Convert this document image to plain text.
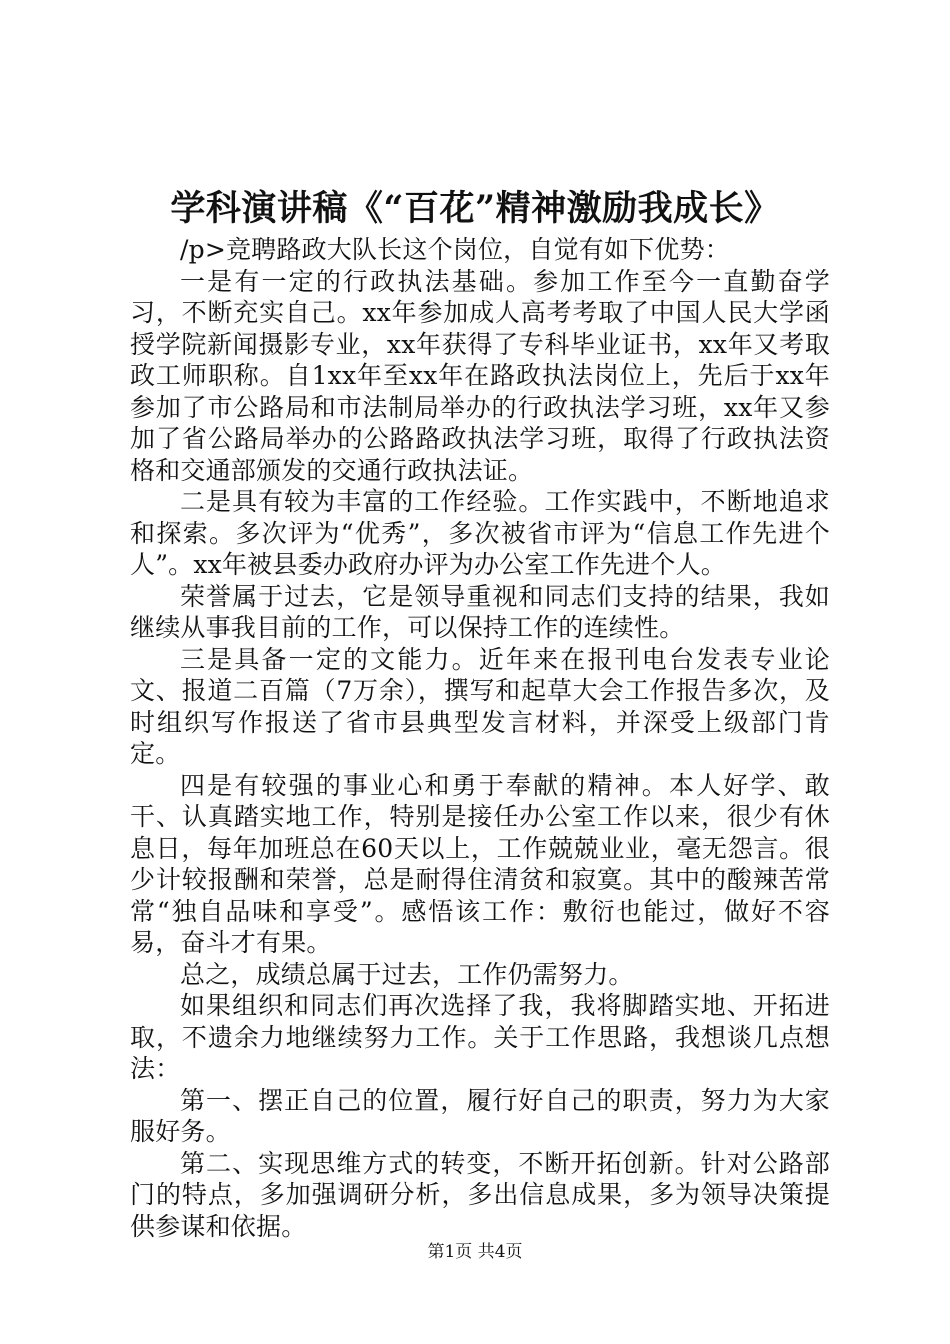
学科演讲稿《“百花”精神激励我成长》

/p>竞聘路政大队长这个岗位，自觉有如下优势：

一是有一定的行政执法基础。参加工作至今一直勤奋学习，不断充实自己。xx年参加成人高考考取了中国人民大学函授学院新闻摄影专业，xx年获得了专科毕业证书，xx年又考取政工师职称。自1xx年至xx年在路政执法岗位上，先后于xx年参加了市公路局和市法制局举办的行政执法学习班，xx年又参加了省公路局举办的公路路政执法学习班，取得了行政执法资格和交通部颁发的交通行政执法证。

二是具有较为丰富的工作经验。工作实践中，不断地追求和探索。多次评为“优秀”，多次被省市评为“信息工作先进个人”。xx年被县委办政府办评为办公室工作先进个人。

荣誉属于过去，它是领导重视和同志们支持的结果，我如继续从事我目前的工作，可以保持工作的连续性。

三是具备一定的文能力。近年来在报刊电台发表专业论文、报道二百篇（7万余），撰写和起草大会工作报告多次，及时组织写作报送了省市县典型发言材料，并深受上级部门肯定。

四是有较强的事业心和勇于奉献的精神。本人好学、敢干、认真踏实地工作，特别是接任办公室工作以来，很少有休息日，每年加班总在60天以上，工作兢兢业业，毫无怨言。很少计较报酬和荣誉，总是耐得住清贫和寂寞。其中的酸辣苦常常“独自品味和享受”。感悟该工作：敷衍也能过，做好不容易，奋斗才有果。

总之，成绩总属于过去，工作仍需努力。

如果组织和同志们再次选择了我，我将脚踏实地、开拓进取，不遗余力地继续努力工作。关于工作思路，我想谈几点想法：

第一、摆正自己的位置，履行好自己的职责，努力为大家服好务。

第二、实现思维方式的转变，不断开拓创新。针对公路部门的特点，多加强调研分析，多出信息成果，多为领导决策提供参谋和依据。

第1页 共4页
